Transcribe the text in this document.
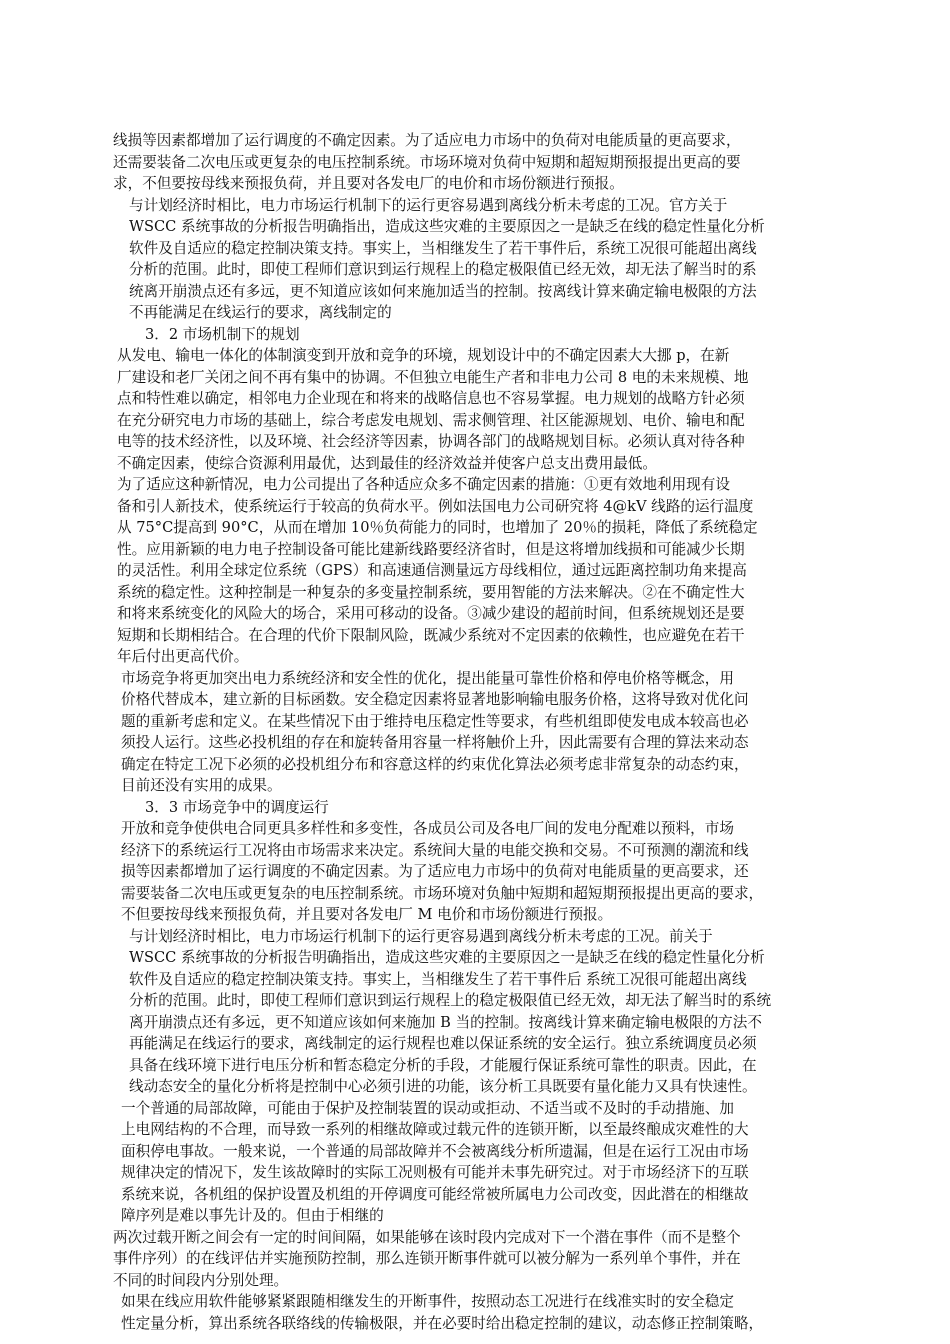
线损等因素都增加了运行调度的不确定因素。为了适应电力市场中的负荷对电能质量的更高要求，
还需要装备二次电压或更复杂的电压控制系统。市场环境对负荷中短期和超短期预报提出更高的要
求，不但要按母线来预报负荷，并且要对各发电厂的电价和市场份额进行预报。
与计划经济时相比，电力市场运行机制下的运行更容易遇到离线分析未考虑的工况。官方关于
WSCC 系统事故的分析报告明确指出，造成这些灾难的主要原因之一是缺乏在线的稳定性量化分析
软件及自适应的稳定控制决策支持。事实上，当相继发生了若干事件后，系统工况很可能超出离线
分析的范围。此时，即使工程师们意识到运行规程上的稳定极限值已经无效，却无法了解当时的系
统离开崩溃点还有多远，更不知道应该如何来施加适当的控制。按离线计算来确定输电极限的方法
不再能满足在线运行的要求，离线制定的
3．2 市场机制下的规划
从发电、输电一体化的体制演变到开放和竞争的环境，规划设计中的不确定因素大大挪 p，在新
厂建设和老厂关闭之间不再有集中的协调。不但独立电能生产者和非电力公司 8 电的未来规模、地
点和特性难以确定，相邻电力企业现在和将来的战略信息也不容易掌握。电力规划的战略方针必须
在充分研究电力市场的基础上，综合考虑发电规划、需求侧管理、社区能源规划、电价、输电和配
电等的技术经济性，以及环境、社会经济等因素，协调各部门的战略规划目标。必须认真对待各种
不确定因素，使综合资源利用最优，达到最佳的经济效益并使客户总支出费用最低。
为了适应这种新情况，电力公司提出了各种适应众多不确定因素的措施：①更有效地利用现有设
备和引人新技术，使系统运行于较高的负荷水平。例如法国电力公司研究将 4@kV 线路的运行温度
从 75°C提高到 90°C，从而在增加 10％负荷能力的同时，也增加了 20％的损耗，降低了系统稳定
性。应用新颖的电力电子控制设备可能比建新线路要经济省时，但是这将增加线损和可能减少长期
的灵活性。利用全球定位系统（GPS）和高速通信测量远方母线相位，通过远距离控制功角来提高
系统的稳定性。这种控制是一种复杂的多变量控制系统，要用智能的方法来解决。②在不确定性大
和将来系统变化的风险大的场合，采用可移动的设备。③减少建设的超前时间，但系统规划还是要
短期和长期相结合。在合理的代价下限制风险，既减少系统对不定因素的依赖性，也应避免在若干
年后付出更高代价。
市场竞争将更加突出电力系统经济和安全性的优化，提出能量可靠性价格和停电价格等概念，用
价格代替成本，建立新的目标函数。安全稳定因素将显著地影响输电服务价格，这将导致对优化问
题的重新考虑和定义。在某些情况下由于维持电压稳定性等要求，有些机组即使发电成本较高也必
须投人运行。这些必投机组的存在和旋转备用容量一样将触价上升，因此需要有合理的算法来动态
确定在特定工况下必须的必投机组分布和容意这样的约束优化算法必须考虑非常复杂的动态约束，
目前还没有实用的成果。
3．3 市场竞争中的调度运行
开放和竞争使供电合同更具多样性和多变性，各成员公司及各电厂间的发电分配难以预料，市场
经济下的系统运行工况将由市场需求来决定。系统间大量的电能交换和交易。不可预测的潮流和线
损等因素都增加了运行调度的不确定因素。为了适应电力市场中的负荷对电能质量的更高要求，还
需要装备二次电压或更复杂的电压控制系统。市场环境对负舳中短期和超短期预报提出更高的要求，
不但要按母线来预报负荷，并且要对各发电厂 M 电价和市场份额进行预报。
与计划经济时相比，电力市场运行机制下的运行更容易遇到离线分析未考虑的工况。前关于
WSCC 系统事故的分析报告明确指出，造成这些灾难的主要原因之一是缺乏在线的稳定性量化分析
软件及自适应的稳定控制决策支持。事实上，当相继发生了若干事件后 系统工况很可能超出离线
分析的范围。此时，即使工程师们意识到运行规程上的稳定极限值已经无效，却无法了解当时的系统
离开崩溃点还有多远，更不知道应该如何来施加 B 当的控制。按离线计算来确定输电极限的方法不
再能满足在线运行的要求，离线制定的运行规程也难以保证系统的安全运行。独立系统调度员必须
具备在线环境下进行电压分析和暂态稳定分析的手段，才能履行保证系统可靠性的职责。因此，在
线动态安全的量化分析将是控制中心必须引进的功能，该分析工具既要有量化能力又具有快速性。
一个普通的局部故障，可能由于保护及控制装置的误动或拒动、不适当或不及时的手动措施、加
上电网结构的不合理，而导致一系列的相继故障或过载元件的连锁开断，以至最终酿成灾难性的大
面积停电事故。一般来说，一个普通的局部故障并不会被离线分析所遗漏，但是在运行工况由市场
规律决定的情况下，发生该故障时的实际工况则极有可能并未事先研究过。对于市场经济下的互联
系统来说，各机组的保护设置及机组的开停调度可能经常被所属电力公司改变，因此潜在的相继故
障序列是难以事先计及的。但由于相继的
两次过载开断之间会有一定的时间间隔，如果能够在该时段内完成对下一个潜在事件（而不是整个
事件序列）的在线评估并实施预防控制，那么连锁开断事件就可以被分解为一系列单个事件，并在
不同的时间段内分别处理。
如果在线应用软件能够紧紧跟随相继发生的开断事件，按照动态工况进行在线准实时的安全稳定
性定量分析，算出系统各联络线的传输极限，并在必要时给出稳定控制的建议，动态修正控制策略，
